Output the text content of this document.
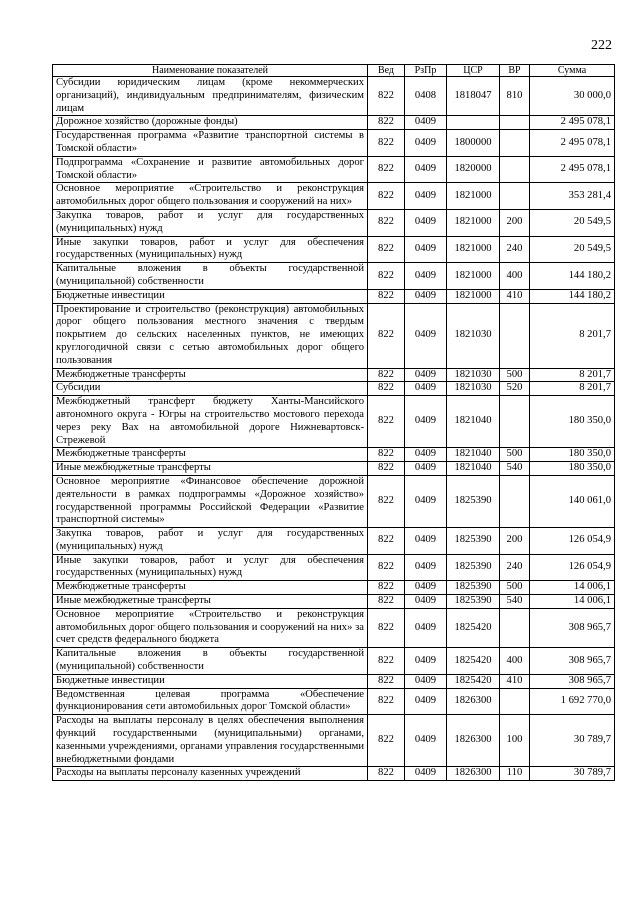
222
Наименование показателей	Вед	РзПр	ЦСР	ВР	Сумма
Субсидии юридическим лицам (кроме некоммерческих организаций), индивидуальным предпринимателям, физическим лицам	822	0408	1818047	810	30 000,0
Дорожное хозяйство (дорожные фонды)	822	0409			2 495 078,1
Государственная программа «Развитие транспортной системы в Томской области»	822	0409	1800000		2 495 078,1
Подпрограмма «Сохранение и развитие автомобильных дорог Томской области»	822	0409	1820000		2 495 078,1
Основное мероприятие «Строительство и реконструкция автомобильных дорог общего пользования и сооружений на них»	822	0409	1821000		353 281,4
Закупка товаров, работ и услуг для государственных (муниципальных) нужд	822	0409	1821000	200	20 549,5
Иные закупки товаров, работ и услуг для обеспечения государственных (муниципальных) нужд	822	0409	1821000	240	20 549,5
Капитальные вложения в объекты государственной (муниципальной) собственности	822	0409	1821000	400	144 180,2
Бюджетные инвестиции	822	0409	1821000	410	144 180,2
Проектирование и строительство (реконструкция) автомобильных дорог общего пользования местного значения с твердым покрытием до сельских населенных пунктов, не имеющих круглогодичной связи с сетью автомобильных дорог общего пользования	822	0409	1821030		8 201,7
Межбюджетные трансферты	822	0409	1821030	500	8 201,7
Субсидии	822	0409	1821030	520	8 201,7
Межбюджетный трансферт бюджету Ханты-Мансийского автономного округа - Югры на строительство мостового перехода через реку Вах на автомобильной дороге Нижневартовск-Стрежевой	822	0409	1821040		180 350,0
Межбюджетные трансферты	822	0409	1821040	500	180 350,0
Иные межбюджетные трансферты	822	0409	1821040	540	180 350,0
Основное мероприятие «Финансовое обеспечение дорожной деятельности в рамках подпрограммы «Дорожное хозяйство» государственной программы Российской Федерации «Развитие транспортной системы»	822	0409	1825390		140 061,0
Закупка товаров, работ и услуг для государственных (муниципальных) нужд	822	0409	1825390	200	126 054,9
Иные закупки товаров, работ и услуг для обеспечения государственных (муниципальных) нужд	822	0409	1825390	240	126 054,9
Межбюджетные трансферты	822	0409	1825390	500	14 006,1
Иные межбюджетные трансферты	822	0409	1825390	540	14 006,1
Основное мероприятие «Строительство и реконструкция автомобильных дорог общего пользования и сооружений на них» за счет средств федерального бюджета	822	0409	1825420		308 965,7
Капитальные вложения в объекты государственной (муниципальной) собственности	822	0409	1825420	400	308 965,7
Бюджетные инвестиции	822	0409	1825420	410	308 965,7
Ведомственная целевая программа «Обеспечение функционирования сети автомобильных дорог Томской области»	822	0409	1826300		1 692 770,0
Расходы на выплаты персоналу в целях обеспечения выполнения функций государственными (муниципальными) органами, казенными учреждениями, органами управления государственными внебюджетными фондами	822	0409	1826300	100	30 789,7
Расходы на выплаты персоналу казенных учреждений	822	0409	1826300	110	30 789,7
